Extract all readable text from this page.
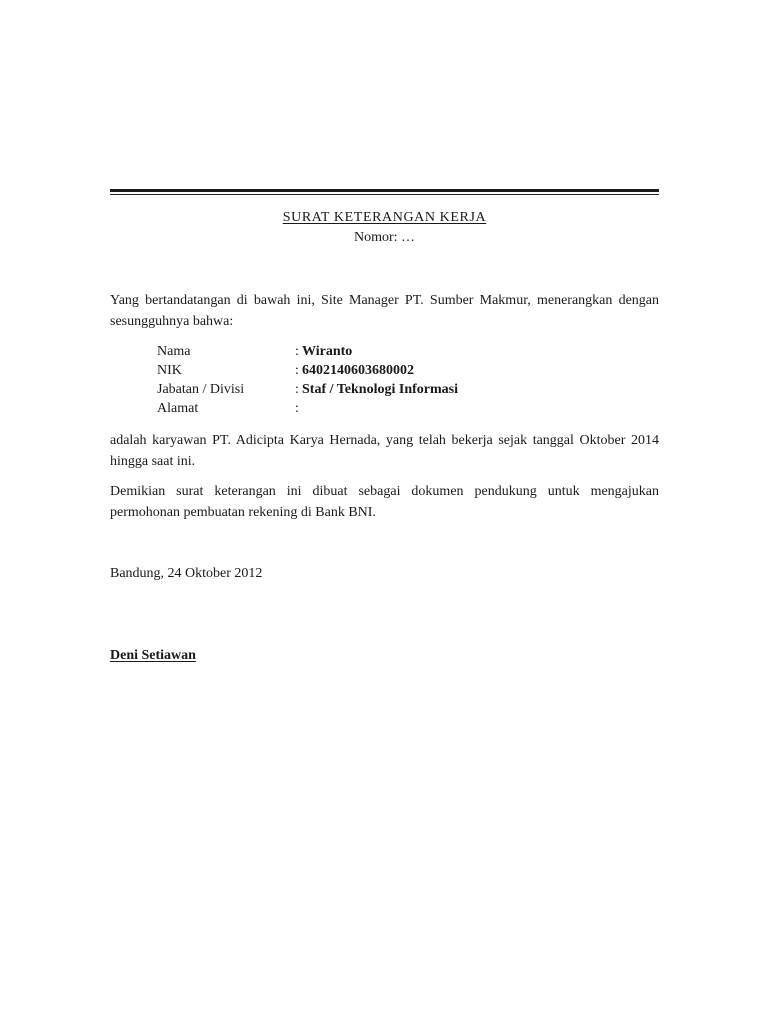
SURAT KETERANGAN KERJA
Nomor: …
Yang bertandatangan di bawah ini, Site Manager PT. Sumber Makmur, menerangkan dengan sesungguhnya bahwa:
Nama	: Wiranto
NIK	: 6402140603680002
Jabatan / Divisi	: Staf / Teknologi Informasi
Alamat	:
adalah karyawan PT. Adicipta Karya Hernada, yang telah bekerja sejak tanggal Oktober 2014 hingga saat ini.
Demikian surat keterangan ini dibuat sebagai dokumen pendukung untuk mengajukan permohonan pembuatan rekening di Bank BNI.
Bandung, 24 Oktober 2012
Deni Setiawan
